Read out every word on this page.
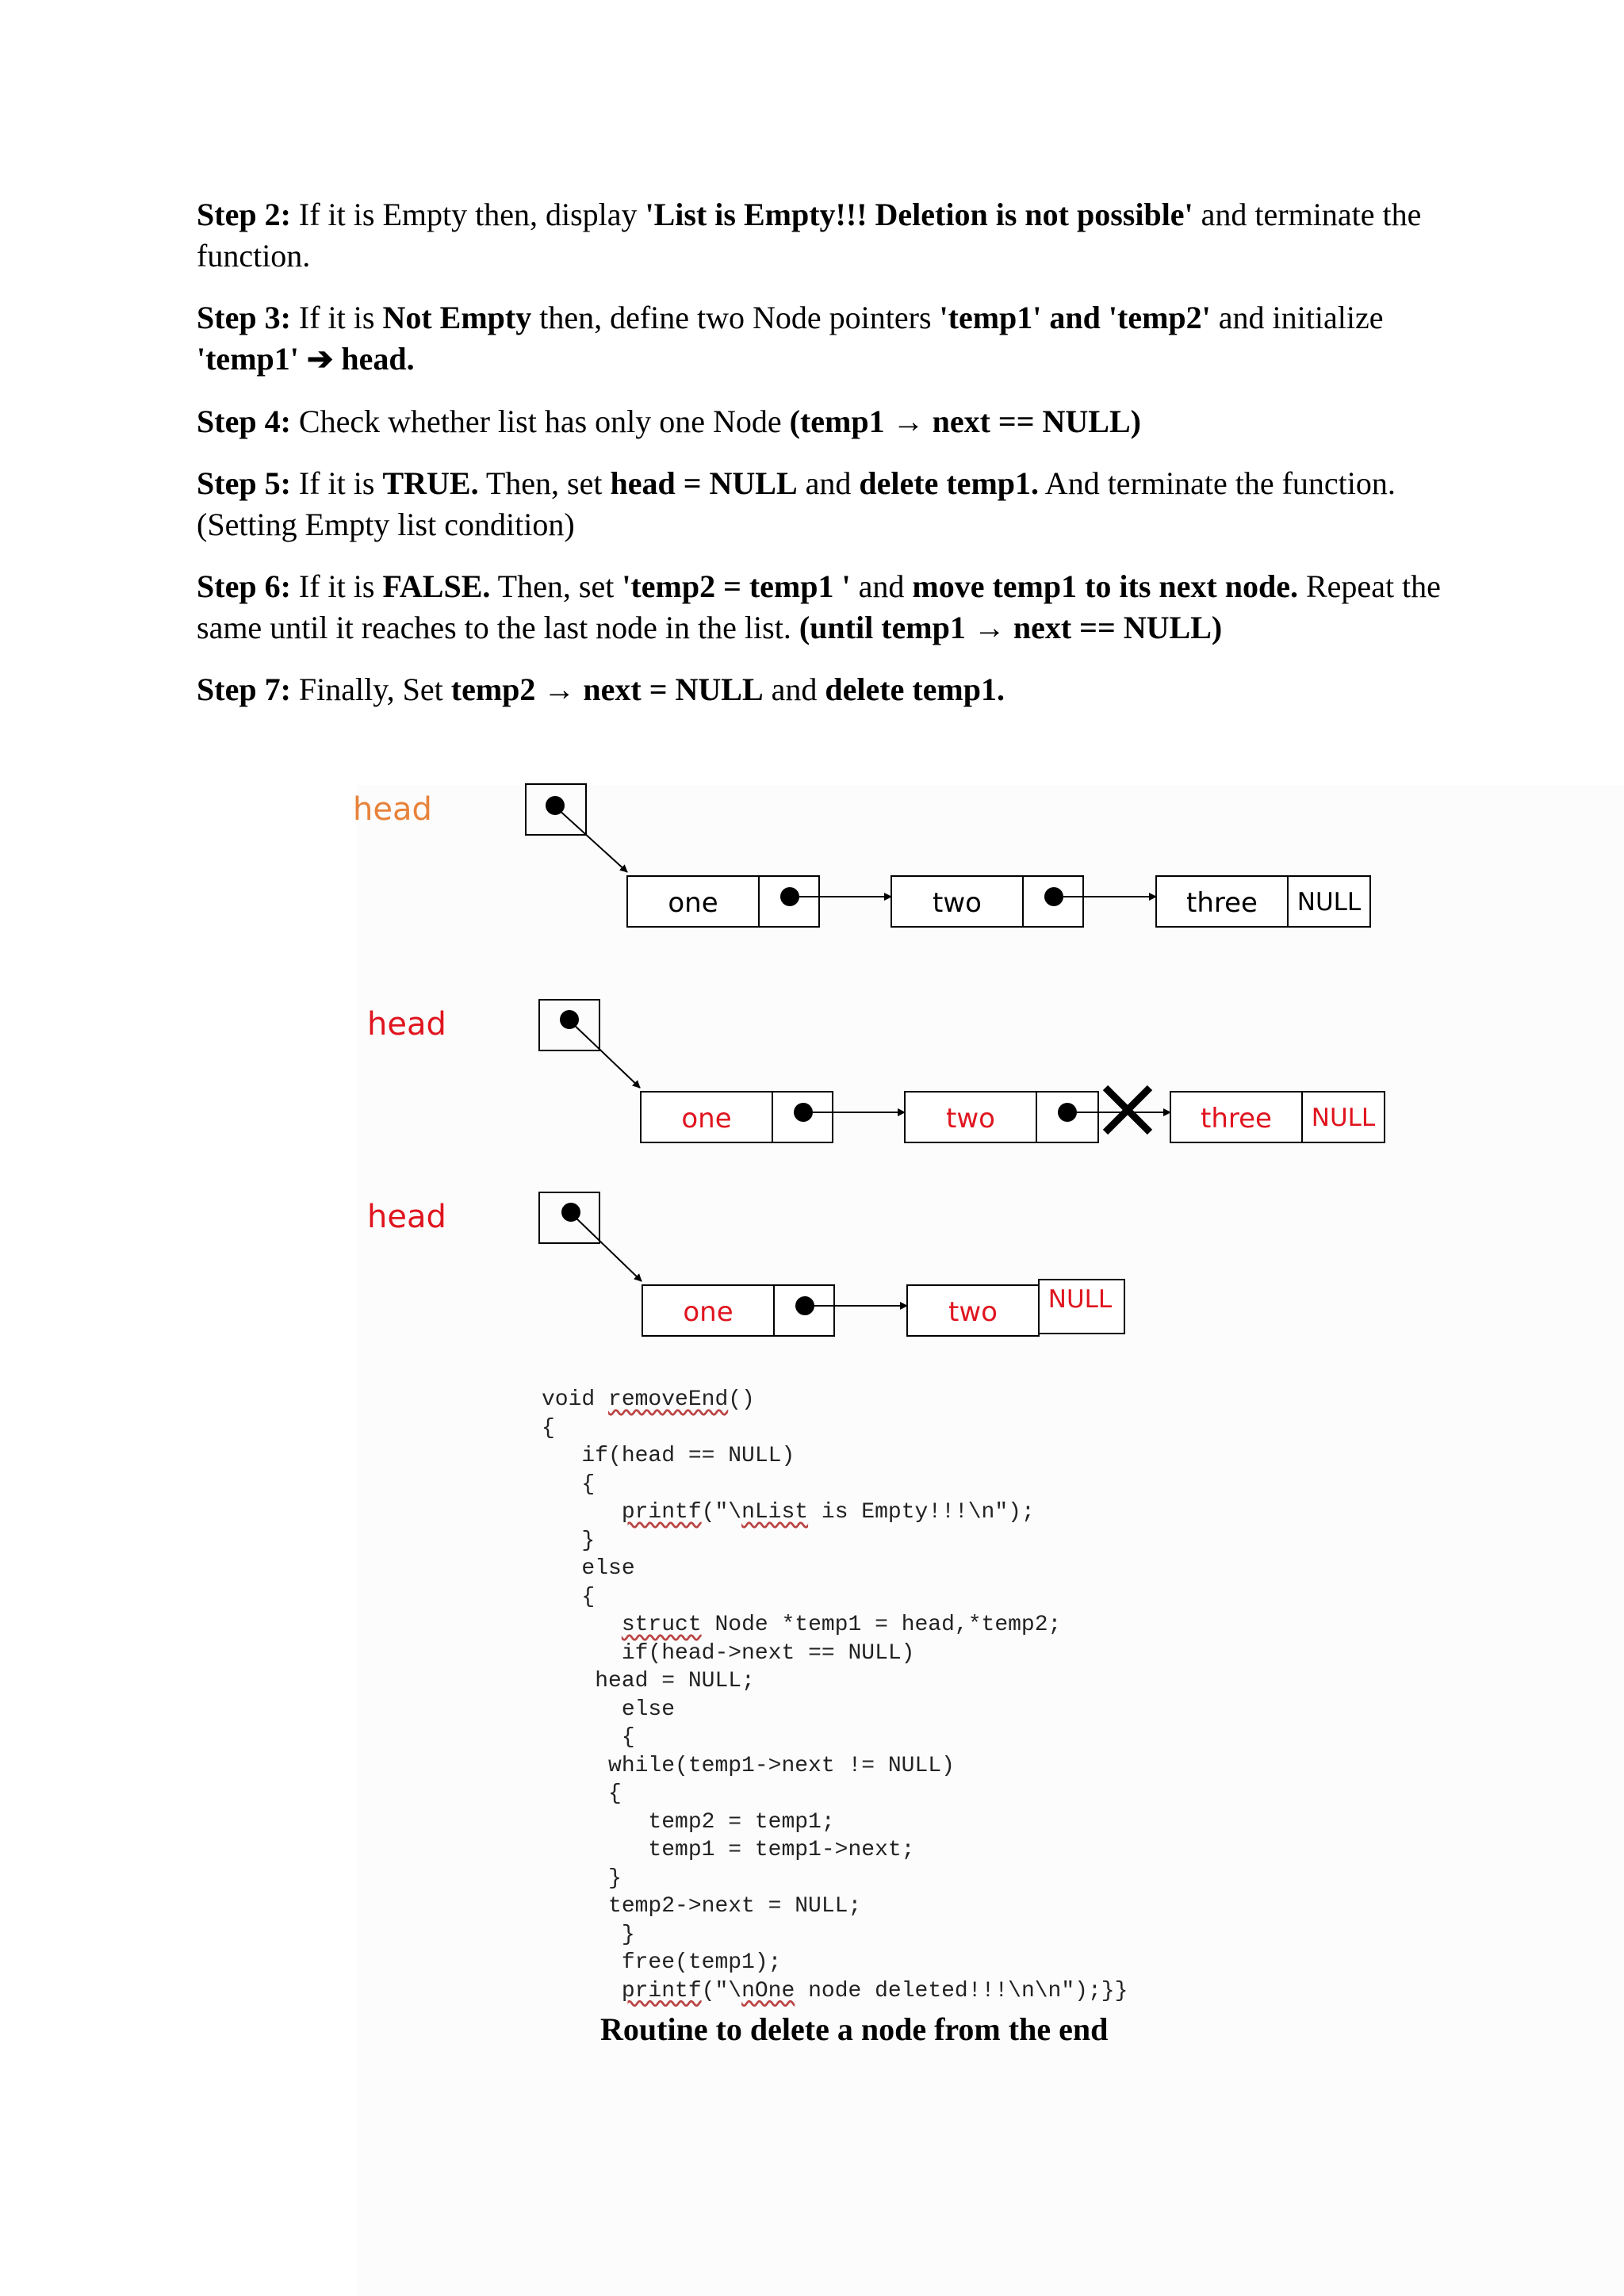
Step 2: If it is Empty then, display 'List is Empty!!! Deletion is not possible' and terminate the function.
Step 3: If it is Not Empty then, define two Node pointers 'temp1' and 'temp2' and initialize 'temp1' ➔ head.
Step 4: Check whether list has only one Node (temp1 → next == NULL)
Step 5: If it is TRUE. Then, set head = NULL and delete temp1. And terminate the function. (Setting Empty list condition)
Step 6: If it is FALSE. Then, set 'temp2 = temp1 ' and move temp1 to its next node. Repeat the same until it reaches to the last node in the list. (until temp1 → next == NULL)
Step 7: Finally, Set temp2 → next = NULL and delete temp1.
head
one	two	three NULL
head
one	two	three NULL
head
one	two NULL
void removeEnd()
{
if(head == NULL)
{
printf("\nList is Empty!!!\n");
}
else
{
struct Node *temp1 = head,*temp2;
if(head->next == NULL)
head = NULL;
else
{
while(temp1->next != NULL)
{
temp2 = temp1;
temp1 = temp1->next;
}
temp2->next = NULL;
}
free(temp1);
printf("\nOne node deleted!!!\n\n");}}
Routine to delete a node from the end
